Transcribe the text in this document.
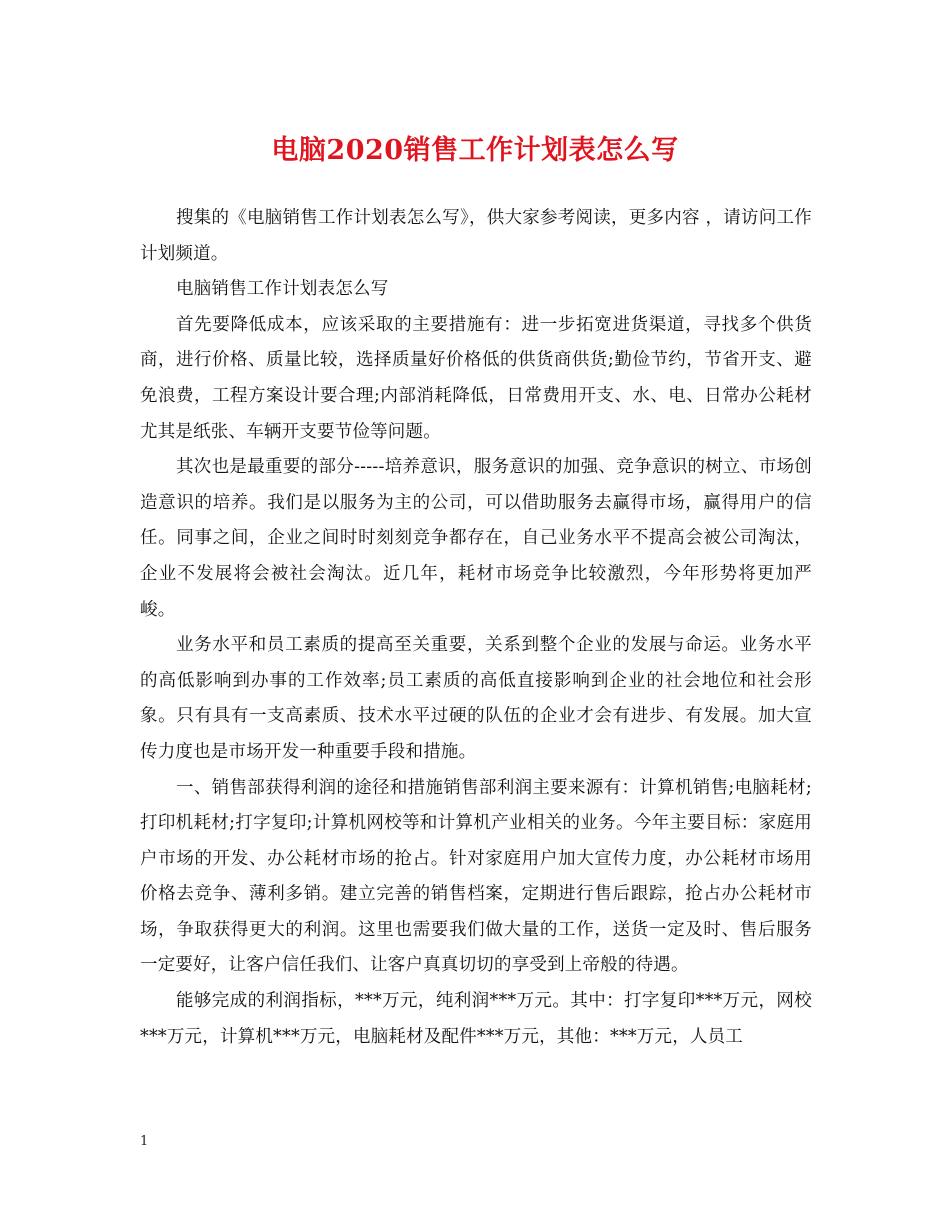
电脑2020销售工作计划表怎么写

搜集的《电脑销售工作计划表怎么写》，供大家参考阅读，更多内容 ，请访问工作计划频道。

电脑销售工作计划表怎么写

首先要降低成本，应该采取的主要措施有：进一步拓宽进货渠道，寻找多个供货商，进行价格、质量比较，选择质量好价格低的供货商供货;勤俭节约，节省开支、避免浪费，工程方案设计要合理;内部消耗降低，日常费用开支、水、电、日常办公耗材尤其是纸张、车辆开支要节俭等问题。

其次也是最重要的部分-----培养意识，服务意识的加强、竞争意识的树立、市场创造意识的培养。我们是以服务为主的公司，可以借助服务去赢得市场，赢得用户的信任。同事之间，企业之间时时刻刻竞争都存在，自己业务水平不提高会被公司淘汰，企业不发展将会被社会淘汰。近几年，耗材市场竞争比较激烈，今年形势将更加严峻。

业务水平和员工素质的提高至关重要，关系到整个企业的发展与命运。业务水平的高低影响到办事的工作效率;员工素质的高低直接影响到企业的社会地位和社会形象。只有具有一支高素质、技术水平过硬的队伍的企业才会有进步、有发展。加大宣传力度也是市场开发一种重要手段和措施。

一、销售部获得利润的途径和措施销售部利润主要来源有：计算机销售;电脑耗材;打印机耗材;打字复印;计算机网校等和计算机产业相关的业务。今年主要目标：家庭用户市场的开发、办公耗材市场的抢占。针对家庭用户加大宣传力度，办公耗材市场用价格去竞争、薄利多销。建立完善的销售档案，定期进行售后跟踪，抢占办公耗材市场，争取获得更大的利润。这里也需要我们做大量的工作，送货一定及时、售后服务一定要好，让客户信任我们、让客户真真切切的享受到上帝般的待遇。

能够完成的利润指标，***万元，纯利润***万元。其中：打字复印***万元，网校***万元，计算机***万元，电脑耗材及配件***万元，其他：***万元，人员工

1
